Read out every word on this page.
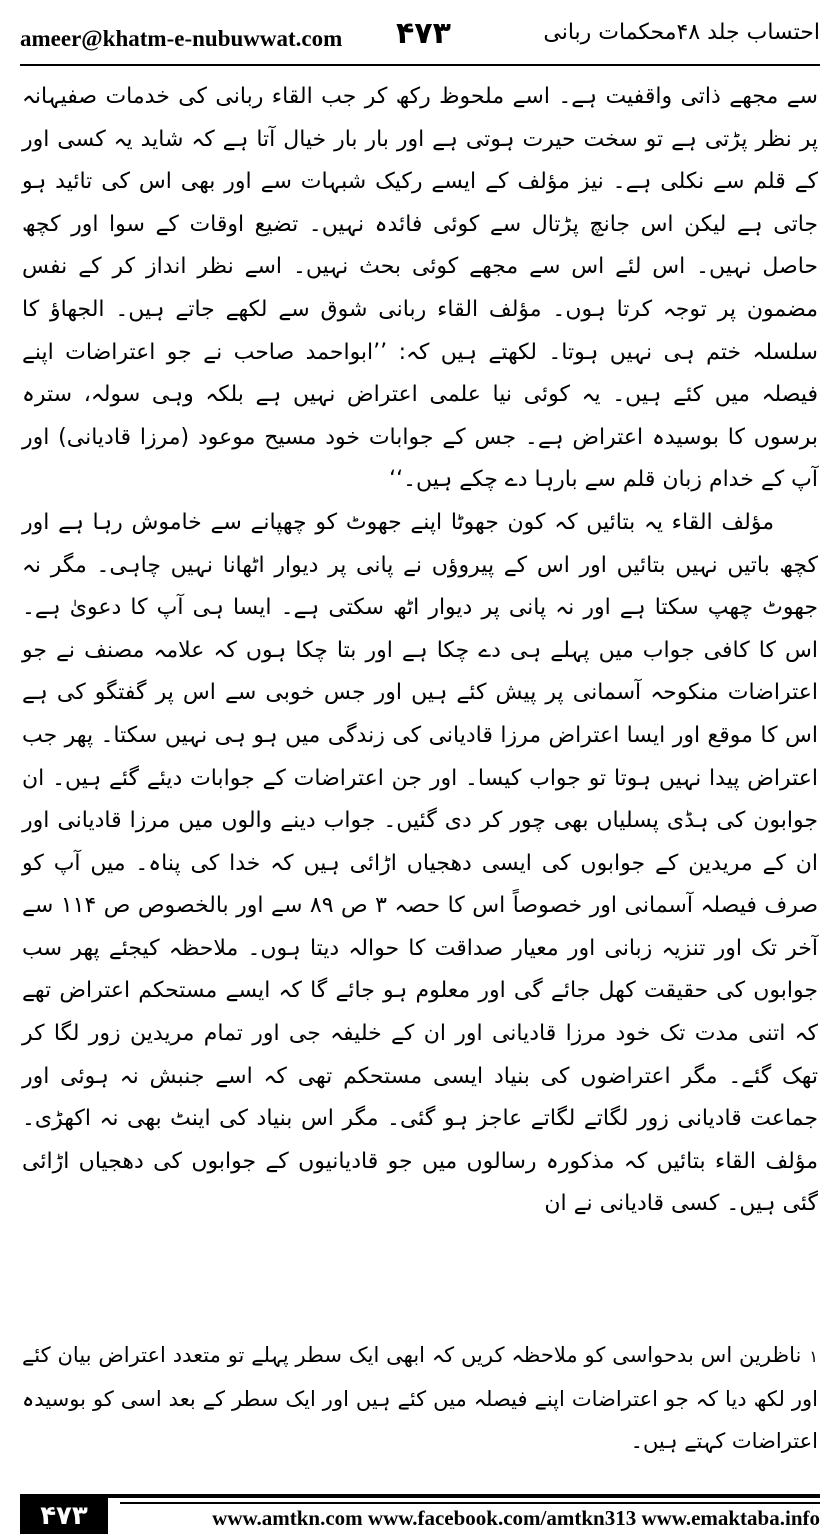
ameer@khatm-e-nubuwwat.com ۴۷۳	احتساب جلد ۴۸محکمات ربانی

سے مجھے ذاتی واقفیت ہے۔ اسے ملحوظ رکھ کر جب القاء ربانی کی خدمات صفیہانہ پر نظر پڑتی ہے تو سخت حیرت ہوتی ہے اور بار بار خیال آتا ہے کہ شاید یہ کسی اور کے قلم سے نکلی ہے۔ نیز مؤلف کے ایسے رکیک شبہات سے اور بھی اس کی تائید ہو جاتی ہے لیکن اس جانچ پڑتال سے کوئی فائدہ نہیں۔ تضیع اوقات کے سوا اور کچھ حاصل نہیں۔ اس لئے اس سے مجھے کوئی بحث نہیں۔ اسے نظر انداز کر کے نفس مضمون پر توجہ کرتا ہوں۔ مؤلف القاء ربانی شوق سے لکھے جاتے ہیں۔ الجھاؤ کا سلسلہ ختم ہی نہیں ہوتا۔ لکھتے ہیں کہ: ’’ابواحمد صاحب نے جو اعتراضات اپنے فیصلہ میں کئے ہیں۔ یہ کوئی نیا علمی اعتراض نہیں ہے بلکہ وہی سولہ، سترہ برسوں کا بوسیدہ اعتراض ہے۔ جس کے جوابات خود مسیح موعود (مرزا قادیانی) اور آپ کے خدام زبان قلم سے بارہا دے چکے ہیں۔‘‘

مؤلف القاء یہ بتائیں کہ کون جھوٹا اپنے جھوٹ کو چھپانے سے خاموش رہا ہے اور کچھ باتیں نہیں بتائیں اور اس کے پیروؤں نے پانی پر دیوار اٹھانا نہیں چاہی۔ مگر نہ جھوٹ چھپ سکتا ہے اور نہ پانی پر دیوار اٹھ سکتی ہے۔ ایسا ہی آپ کا دعویٰ ہے۔ اس کا کافی جواب میں پہلے ہی دے چکا ہے اور بتا چکا ہوں کہ علامہ مصنف نے جو اعتراضات منکوحہ آسمانی پر پیش کئے ہیں اور جس خوبی سے اس پر گفتگو کی ہے اس کا موقع اور ایسا اعتراض مرزا قادیانی کی زندگی میں ہو ہی نہیں سکتا۔ پھر جب اعتراض پیدا نہیں ہوتا تو جواب کیسا۔ اور جن اعتراضات کے جوابات دیئے گئے ہیں۔ ان جوابون کی ہڈی پسلیاں بھی چور کر دی گئیں۔ جواب دینے والوں میں مرزا قادیانی اور ان کے مریدین کے جوابوں کی ایسی دھجیاں اڑائی ہیں کہ خدا کی پناہ۔ میں آپ کو صرف فیصلہ آسمانی اور خصوصاً اس کا حصہ ۳ ص ۸۹ سے اور بالخصوص ص ۱۱۴ سے آخر تک اور تنزیہ زبانی اور معیار صداقت کا حوالہ دیتا ہوں۔ ملاحظہ کیجئے پھر سب جوابوں کی حقیقت کھل جائے گی اور معلوم ہو جائے گا کہ ایسے مستحکم اعتراض تھے کہ اتنی مدت تک خود مرزا قادیانی اور ان کے خلیفہ جی اور تمام مریدین زور لگا کر تھک گئے۔ مگر اعتراضوں کی بنیاد ایسی مستحکم تھی کہ اسے جنبش نہ ہوئی اور جماعت قادیانی زور لگاتے لگاتے عاجز ہو گئی۔ مگر اس بنیاد کی اینٹ بھی نہ اکھڑی۔ مؤلف القاء بتائیں کہ مذکورہ رسالوں میں جو قادیانیوں کے جوابوں کی دھجیاں اڑائی گئی ہیں۔ کسی قادیانی نے ان

۱ناظرین اس بدحواسی کو ملاحظہ کریں کہ ابھی ایک سطر پہلے تو متعدد اعتراض بیان کئے اور لکھ دیا کہ جو اعتراضات اپنے فیصلہ میں کئے ہیں اور ایک سطر کے بعد اسی کو بوسیدہ اعتراضات کہتے ہیں۔
۴۷۳	www.amtkn.com www.facebook.com/amtkn313 www.emaktaba.info
